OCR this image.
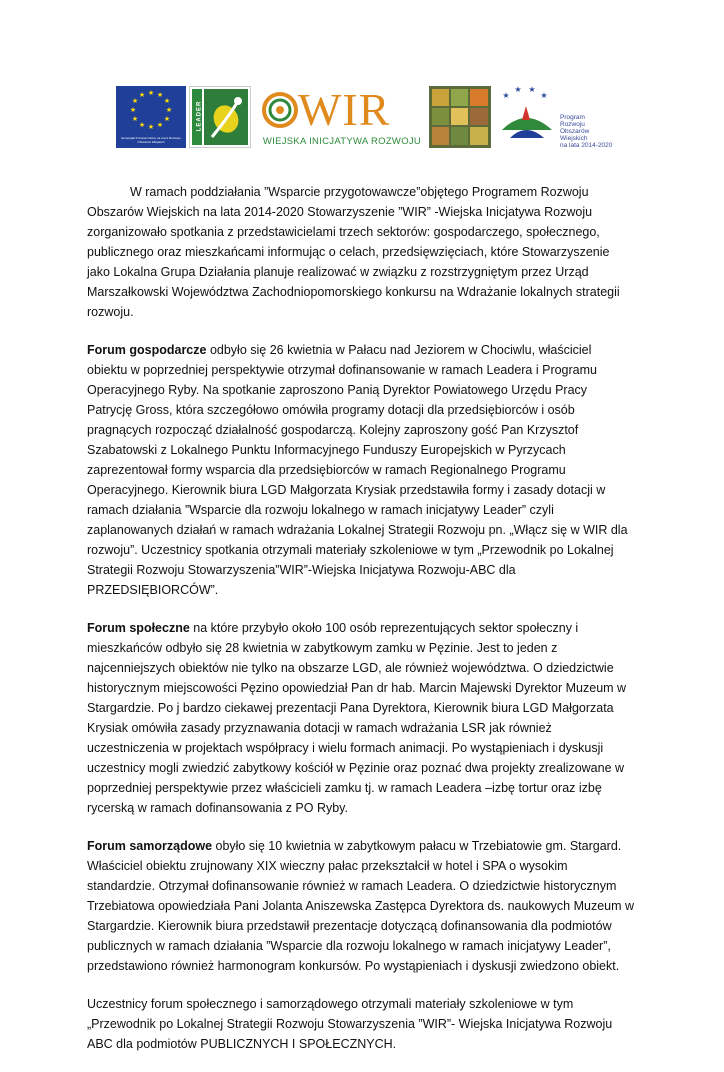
★ ★
★
★
★
★
★
★
★
★
★
★
Europejski Fundusz Rolny na rzecz Rozwoju Obszarów Wiejskich
LEADER WIR
WIEJSKA INICJATYWA ROZWOJU
★
★ ★
★
Program
Rozwoju
Obszarów
Wiejskich
na lata 2014-2020

W ramach poddziałania ”Wsparcie przygotowawcze”objętego Programem Rozwoju Obszarów Wiejskich na lata 2014-2020 Stowarzyszenie ”WIR” -Wiejska Inicjatywa Rozwoju zorganizowało spotkania z przedstawicielami trzech sektorów: gospodarczego, społecznego, publicznego oraz mieszkańcami informując o celach, przedsięwzięciach, które Stowarzyszenie jako Lokalna Grupa Działania planuje realizować w związku z rozstrzygniętym przez Urząd Marszałkowski Województwa Zachodniopomorskiego konkursu na Wdrażanie lokalnych strategii rozwoju.

Forum gospodarcze odbyło się 26 kwietnia w Pałacu nad Jeziorem w Chociwlu, właściciel obiektu w poprzedniej perspektywie otrzymał dofinansowanie w ramach Leadera i Programu Operacyjnego Ryby. Na spotkanie zaproszono Panią Dyrektor Powiatowego Urzędu Pracy Patrycję Gross, która szczegółowo omówiła programy dotacji dla przedsiębiorców i osób pragnących rozpocząć działalność gospodarczą. Kolejny zaproszony gość Pan Krzysztof Szabatowski z Lokalnego Punktu Informacyjnego Funduszy Europejskich w Pyrzycach zaprezentował formy wsparcia dla przedsiębiorców w ramach Regionalnego Programu Operacyjnego. Kierownik biura LGD Małgorzata Krysiak przedstawiła formy i zasady dotacji w ramach działania ”Wsparcie dla rozwoju lokalnego w ramach inicjatywy Leader” czyli zaplanowanych działań w ramach wdrażania Lokalnej Strategii Rozwoju pn. „Włącz się w WIR dla rozwoju”. Uczestnicy spotkania otrzymali materiały szkoleniowe w tym „Przewodnik po Lokalnej Strategii Rozwoju Stowarzyszenia”WIR”-Wiejska Inicjatywa Rozwoju-ABC dla PRZEDSIĘBIORCÓW”.

Forum społeczne na które przybyło około 100 osób reprezentujących sektor społeczny i mieszkańców odbyło się 28 kwietnia w zabytkowym zamku w Pęzinie. Jest to jeden z najcenniejszych obiektów nie tylko na obszarze LGD, ale również województwa. O dziedzictwie historycznym miejscowości Pęzino opowiedział Pan dr hab. Marcin Majewski Dyrektor Muzeum w Stargardzie. Po j bardzo ciekawej prezentacji Pana Dyrektora, Kierownik biura LGD Małgorzata Krysiak omówiła zasady przyznawania dotacji w ramach wdrażania LSR jak również uczestniczenia w projektach współpracy i wielu formach animacji. Po wystąpieniach i dyskusji uczestnicy mogli zwiedzić zabytkowy kościół w Pęzinie oraz poznać dwa projekty zrealizowane w poprzedniej perspektywie przez właścicieli zamku tj. w ramach Leadera –izbę tortur oraz izbę rycerską w ramach dofinansowania z PO Ryby.

Forum samorządowe obyło się 10 kwietnia w zabytkowym pałacu w Trzebiatowie gm. Stargard. Właściciel obiektu zrujnowany XIX wieczny pałac przekształcił w hotel i SPA o wysokim standardzie. Otrzymał dofinansowanie również w ramach Leadera. O dziedzictwie historycznym Trzebiatowa opowiedziała Pani Jolanta Aniszewska Zastępca Dyrektora ds. naukowych Muzeum w Stargardzie. Kierownik biura przedstawił prezentacje dotyczącą dofinansowania dla podmiotów publicznych w ramach działania ”Wsparcie dla rozwoju lokalnego w ramach inicjatywy Leader”, przedstawiono również harmonogram konkursów. Po wystąpieniach i dyskusji zwiedzono obiekt.

Uczestnicy forum społecznego i samorządowego otrzymali materiały szkoleniowe w tym „Przewodnik po Lokalnej Strategii Rozwoju Stowarzyszenia ”WIR”- Wiejska Inicjatywa Rozwoju ABC dla podmiotów PUBLICZNYCH I SPOŁECZNYCH.
